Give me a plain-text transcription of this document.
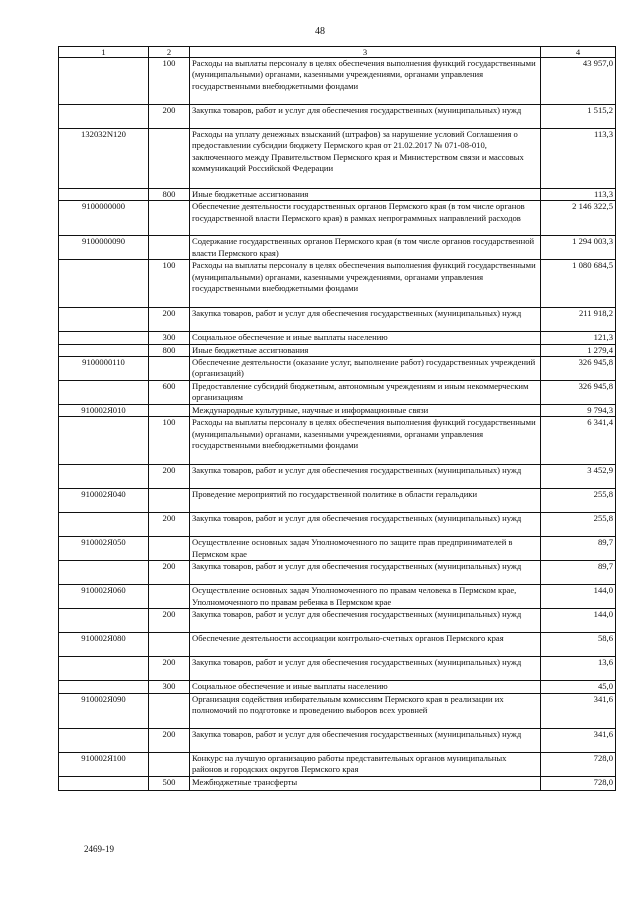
48
1	2	3	4
	100	Расходы на выплаты персоналу в целях обеспечения выполнения функций государственными (муниципальными) органами, казенными учреждениями, органами управления государственными внебюджетными фондами	43 957,0
	200	Закупка товаров, работ и услуг для обеспечения государственных (муниципальных) нужд	1 515,2
132032N120		Расходы на уплату денежных взысканий (штрафов) за нарушение условий Соглашения о предоставлении субсидии бюджету Пермского края от 21.02.2017 № 071-08-010, заключенного между Правительством Пермского края и Министерством связи и массовых коммуникаций Российской Федерации	113,3
	800	Иные бюджетные ассигнования	113,3
9100000000		Обеспечение деятельности государственных органов Пермского края (в том числе органов государственной власти Пермского края) в рамках непрограммных направлений расходов	2 146 322,5
9100000090		Содержание государственных органов Пермского края (в том числе органов государственной власти Пермского края)	1 294 003,3
	100	Расходы на выплаты персоналу в целях обеспечения выполнения функций государственными (муниципальными) органами, казенными учреждениями, органами управления государственными внебюджетными фондами	1 080 684,5
	200	Закупка товаров, работ и услуг для обеспечения государственных (муниципальных) нужд	211 918,2
	300	Социальное обеспечение и иные выплаты населению	121,3
	800	Иные бюджетные ассигнования	1 279,4
9100000110		Обеспечение деятельности (оказание услуг, выполнение работ) государственных учреждений (организаций)	326 945,8
	600	Предоставление субсидий бюджетным, автономным учреждениям и иным некоммерческим организациям	326 945,8
910002Я010		Международные культурные, научные и информационные связи	9 794,3
	100	Расходы на выплаты персоналу в целях обеспечения выполнения функций государственными (муниципальными) органами, казенными учреждениями, органами управления государственными внебюджетными фондами	6 341,4
	200	Закупка товаров, работ и услуг для обеспечения государственных (муниципальных) нужд	3 452,9
910002Я040		Проведение мероприятий по государственной политике в области геральдики	255,8
	200	Закупка товаров, работ и услуг для обеспечения государственных (муниципальных) нужд	255,8
910002Я050		Осуществление основных задач Уполномоченного по защите прав предпринимателей в Пермском крае	89,7
	200	Закупка товаров, работ и услуг для обеспечения государственных (муниципальных) нужд	89,7
910002Я060		Осуществление основных задач Уполномоченного по правам человека в Пермском крае, Уполномоченного по правам ребенка в Пермском крае	144,0
	200	Закупка товаров, работ и услуг для обеспечения государственных (муниципальных) нужд	144,0
910002Я080		Обеспечение деятельности ассоциации контрольно-счетных органов Пермского края	58,6
	200	Закупка товаров, работ и услуг для обеспечения государственных (муниципальных) нужд	13,6
	300	Социальное обеспечение и иные выплаты населению	45,0
910002Я090		Организация содействия избирательным комиссиям Пермского края в реализации их полномочий по подготовке и проведению выборов всех уровней	341,6
	200	Закупка товаров, работ и услуг для обеспечения государственных (муниципальных) нужд	341,6
910002Я100		Конкурс на лучшую организацию работы представительных органов муниципальных районов и городских округов Пермского края	728,0
	500	Межбюджетные трансферты	728,0
2469-19
